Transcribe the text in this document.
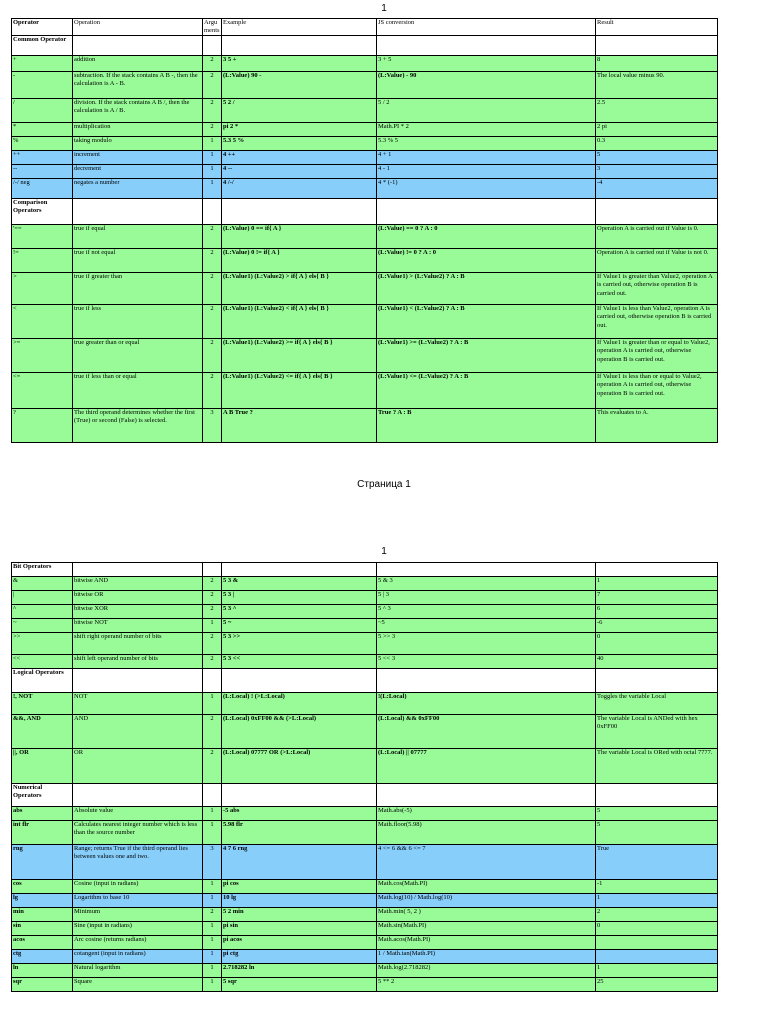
1
Operator	Operation	Argu ments	Example	JS conversion	Result
Common Operator					
+	addition	2	3 5 +	3 + 5	8
-	subtraction. If the stack contains A B -, then the calculation is A - B.	2	(L:Value) 90 -	(L:Value) - 90	The local value minus 90.
/	division. If the stack contains A B /, then the calculation is A / B.	2	5 2 /	5 / 2	2.5
*	multiplication	2	pi 2 *	Math.PI * 2	2 pi
%	taking modulo	1	5.3 5 %	5.3 % 5	0.3
++	increment	1	4 ++	4 + 1	5
--	decrement	1	4 --	4 - 1	3
/-/ neg	negates a number	1	4 /-/	4 * (-1)	-4
Comparison Operators					
'==	true if equal	2	(L:Value) 0 == if{ A }	(L:Value) == 0 ? A : 0	Operation A is carried out if Value is 0.
!=	true if not equal	2	(L:Value) 0 != if{ A }	(L:Value) != 0 ? A : 0	Operation A is carried out if Value is not 0.
>	true if greater than	2	(L:Value1) (L:Value2) > if{ A } els{ B }	(L:Value1) > (L:Value2) ? A : B	If Value1 is greater than Value2, operation A is carried out, otherwise operation B is carried out.
<	true if less	2	(L:Value1) (L:Value2) < if{ A } els{ B }	(L:Value1) < (L:Value2) ? A : B	If Value1 is less than Value2, operation A is carried out, otherwise operation B is carried out.
>=	true greater than or equal	2	(L:Value1) (L:Value2) >= if{ A } els{ B }	(L:Value1) >= (L:Value2) ? A : B	If Value1 is greater than or equal to Value2, operation A is carried out, otherwise operation B is carried out.
<=	true if less than or equal	2	(L:Value1) (L:Value2) <= if{ A } els{ B }	(L:Value1) <= (L:Value2) ? A : B	If Value1 is less than or equal to Value2, operation A is carried out, otherwise operation B is carried out.
?	The third operand determines whether the first (True) or second (False) is selected.	3	A B True ?	True ? A : B	This evaluates to A.
Страница 1
1
Bit Operators					
&	bitwise AND	2	5 3 &	5 & 3	1
|	bitwise OR	2	5 3 |	5 | 3	7
^	bitwise XOR	2	5 3 ^	5 ^ 3	6
~	bitwise NOT	1	5 ~	~5	-6
>>	shift right operand number of bits	2	5 3 >>	5 >> 3	0
<<	shift left operand number of bits	2	5 3 <<	5 << 3	40
Logical Operators					
!, NOT	NOT	1	(L:Local) ! (>L:Local)	!(L:Local)	Toggles the variable Local
&&, AND	AND	2	(L:Local) 0xFF00 && (>L:Local)	(L:Local) && 0xFF00	The variable Local is ANDed with hex 0xFF00
||, OR	OR	2	(L:Local) 07777 OR (>L:Local)	(L:Local) || 07777	The variable Local is ORed with octal 7777.
Numerical Operators					
abs	Absolute value	1	-5 abs	Math.abs(-5)	5
int flr	Calculates nearest integer number which is less than the source number	1	5.98 flr	Math.floor(5.98)	5
rng	Range; returns True if the third operand lies between values one and two.	3	4 7 6 rng	4 <= 6 && 6 <= 7	True
cos	Cosine (input in radians)	1	pi cos	Math.cos(Math.PI)	-1
lg	Logarithm to base 10	1	10 lg	Math.log(10) / Math.log(10)	1
min	Minimum	2	5 2 min	Math.min( 5, 2 )	2
sin	Sine (input in radians)	1	pi sin	Math.sin(Math.PI)	0
acos	Arc cosine (returns radians)	1	pi acos	Math.acos(Math.PI)	
ctg	cotangent (input in radians)	1	pi ctg	1 / Math.tan(Math.PI)	
ln	Natural logarithm	1	2.718282 ln	Math.log(2.718282)	1
sqr	Square	1	5 sqr	5 ** 2	25
